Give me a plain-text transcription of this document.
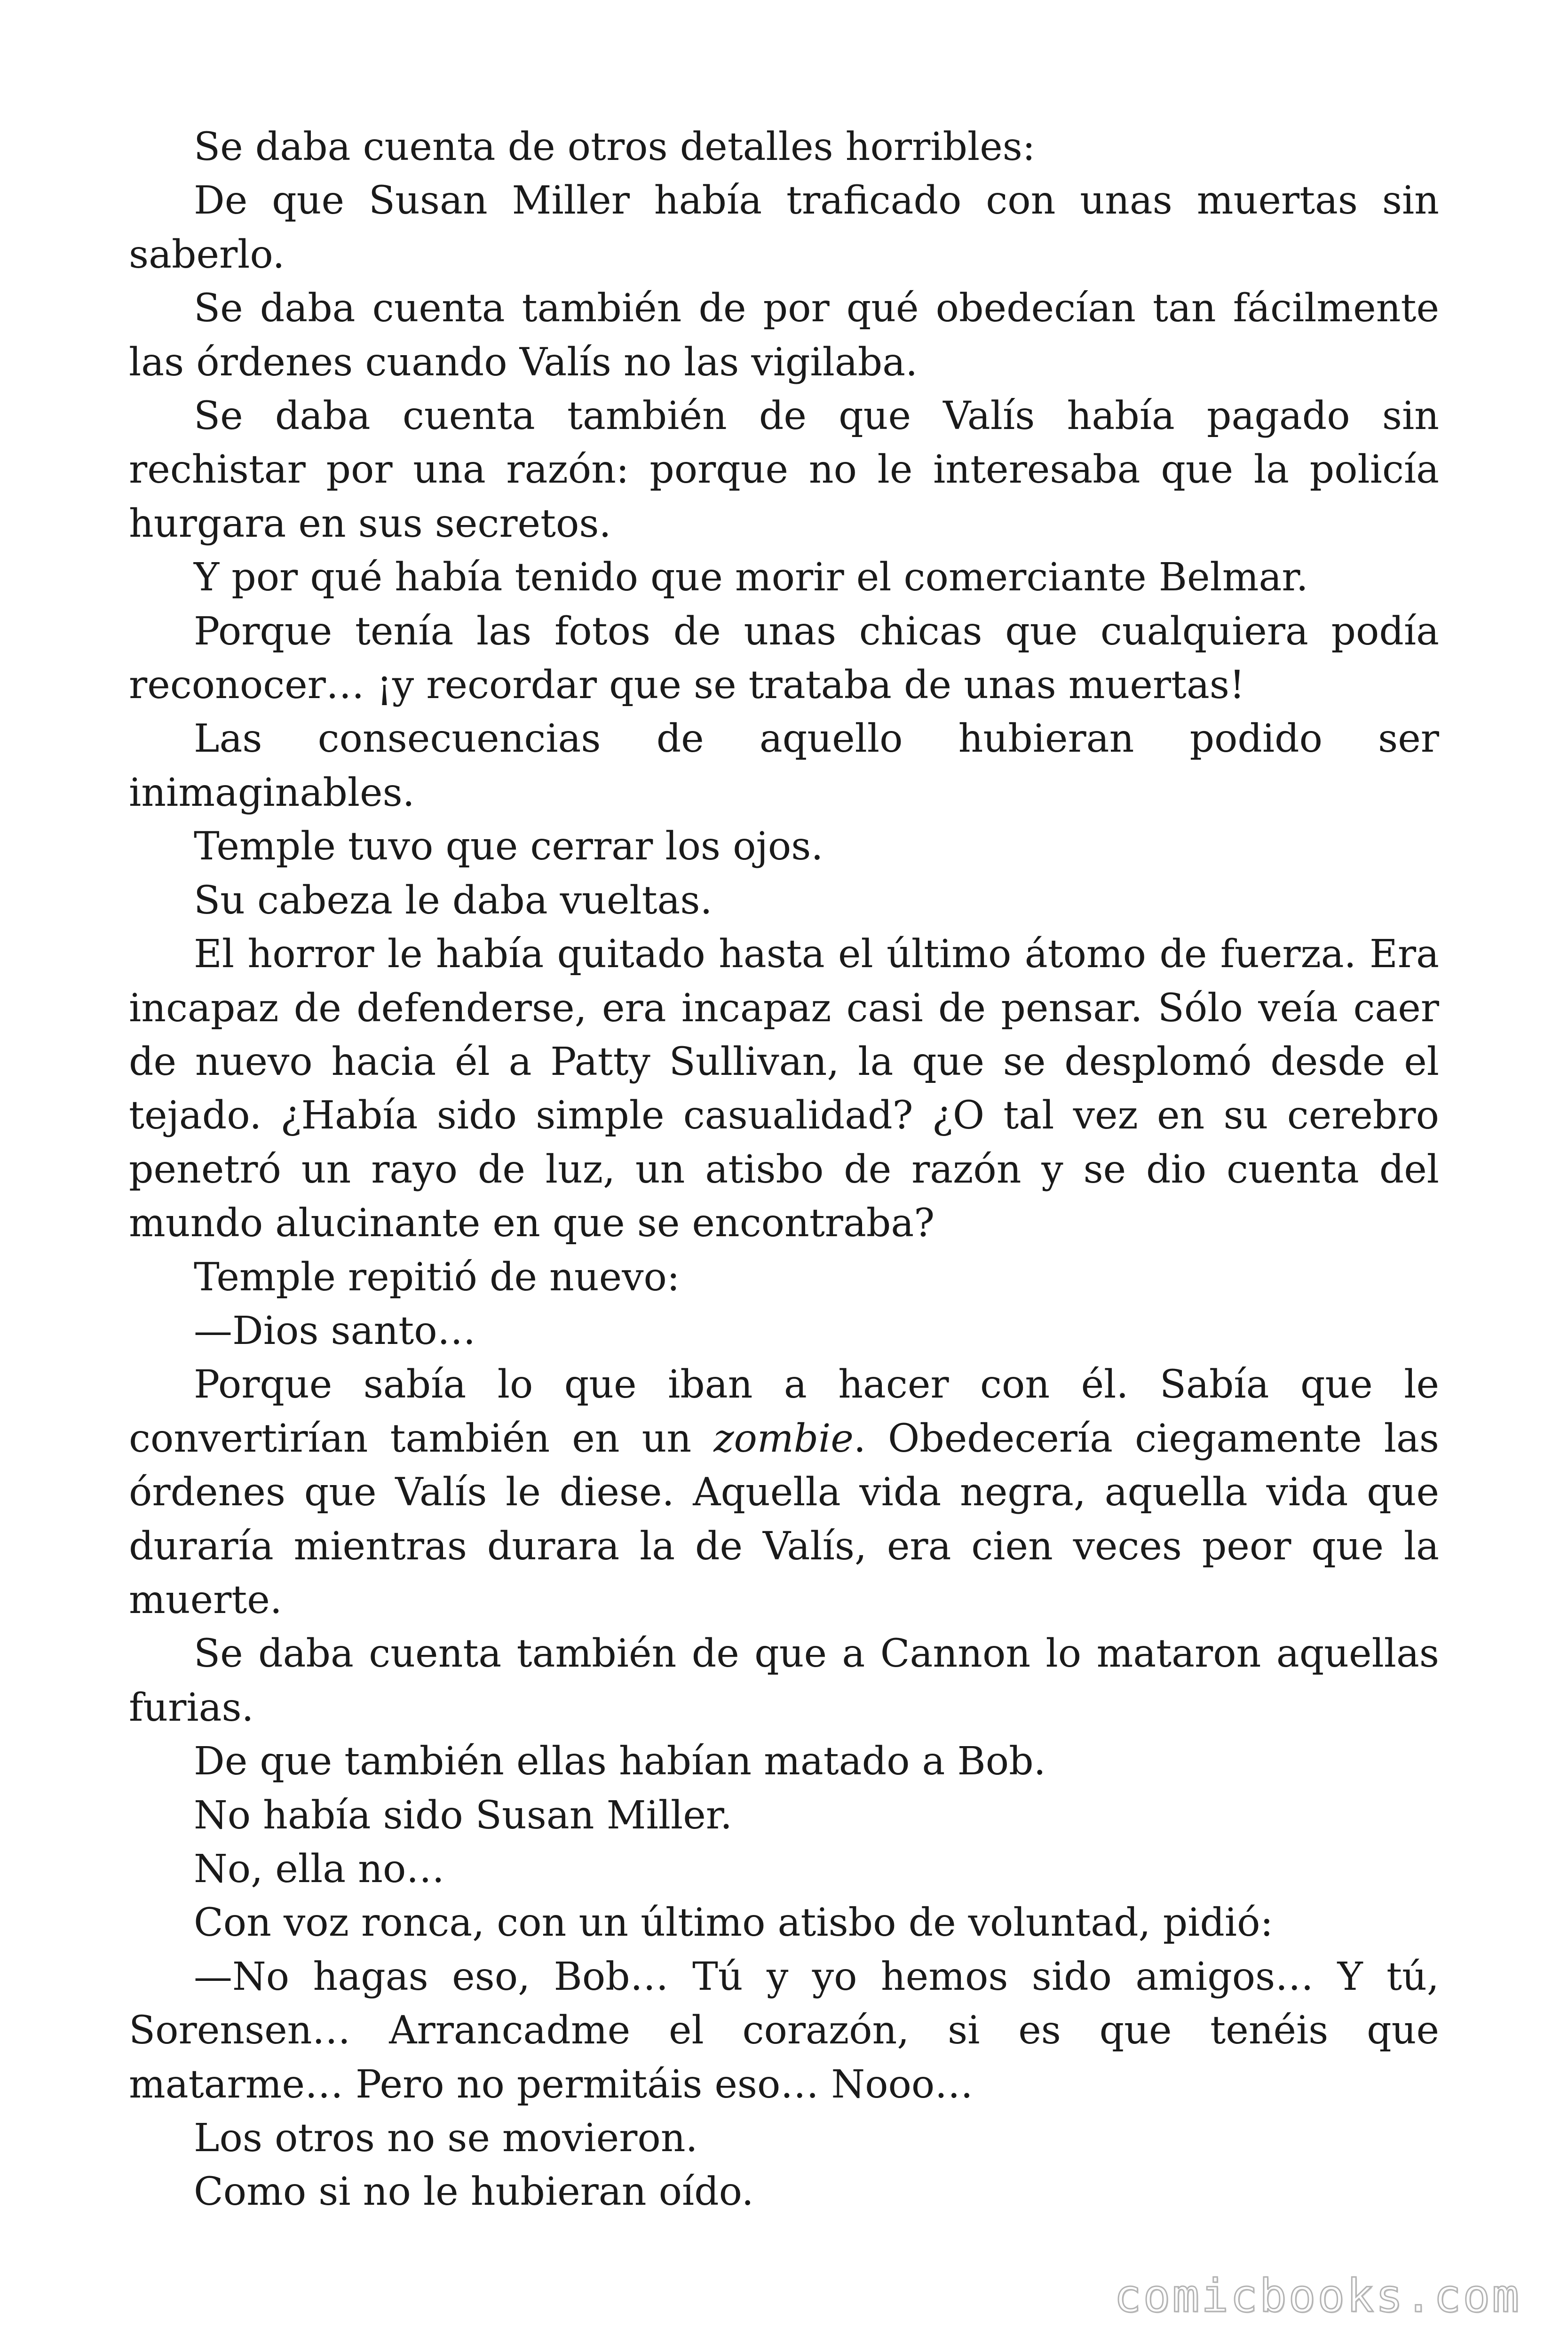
Se daba cuenta de otros detalles horribles:

De que Susan Miller había traficado con unas muertas sin saberlo.

Se daba cuenta también de por qué obedecían tan fácilmente las órdenes cuando Valís no las vigilaba.

Se daba cuenta también de que Valís había pagado sin rechistar por una razón: porque no le interesaba que la policía hurgara en sus secretos.

Y por qué había tenido que morir el comerciante Belmar.

Porque tenía las fotos de unas chicas que cualquiera podía reconocer… ¡y recordar que se trataba de unas muertas!

Las consecuencias de aquello hubieran podido ser inimaginables.

Temple tuvo que cerrar los ojos.

Su cabeza le daba vueltas.

El horror le había quitado hasta el último átomo de fuerza. Era incapaz de defenderse, era incapaz casi de pensar. Sólo veía caer de nuevo hacia él a Patty Sullivan, la que se desplomó desde el tejado. ¿Había sido simple casualidad? ¿O tal vez en su cerebro penetró un rayo de luz, un atisbo de razón y se dio cuenta del mundo alucinante en que se encontraba?

Temple repitió de nuevo:

—Dios santo…

Porque sabía lo que iban a hacer con él. Sabía que le convertirían también en un zombie. Obedecería ciegamente las órdenes que Valís le diese. Aquella vida negra, aquella vida que duraría mientras durara la de Valís, era cien veces peor que la muerte.

Se daba cuenta también de que a Cannon lo mataron aquellas furias.

De que también ellas habían matado a Bob.

No había sido Susan Miller.

No, ella no…

Con voz ronca, con un último atisbo de voluntad, pidió:

—No hagas eso, Bob… Tú y yo hemos sido amigos… Y tú, Sorensen… Arrancadme el corazón, si es que tenéis que matarme… Pero no permitáis eso… Nooo…

Los otros no se movieron.

Como si no le hubieran oído.

comicbooks.com
